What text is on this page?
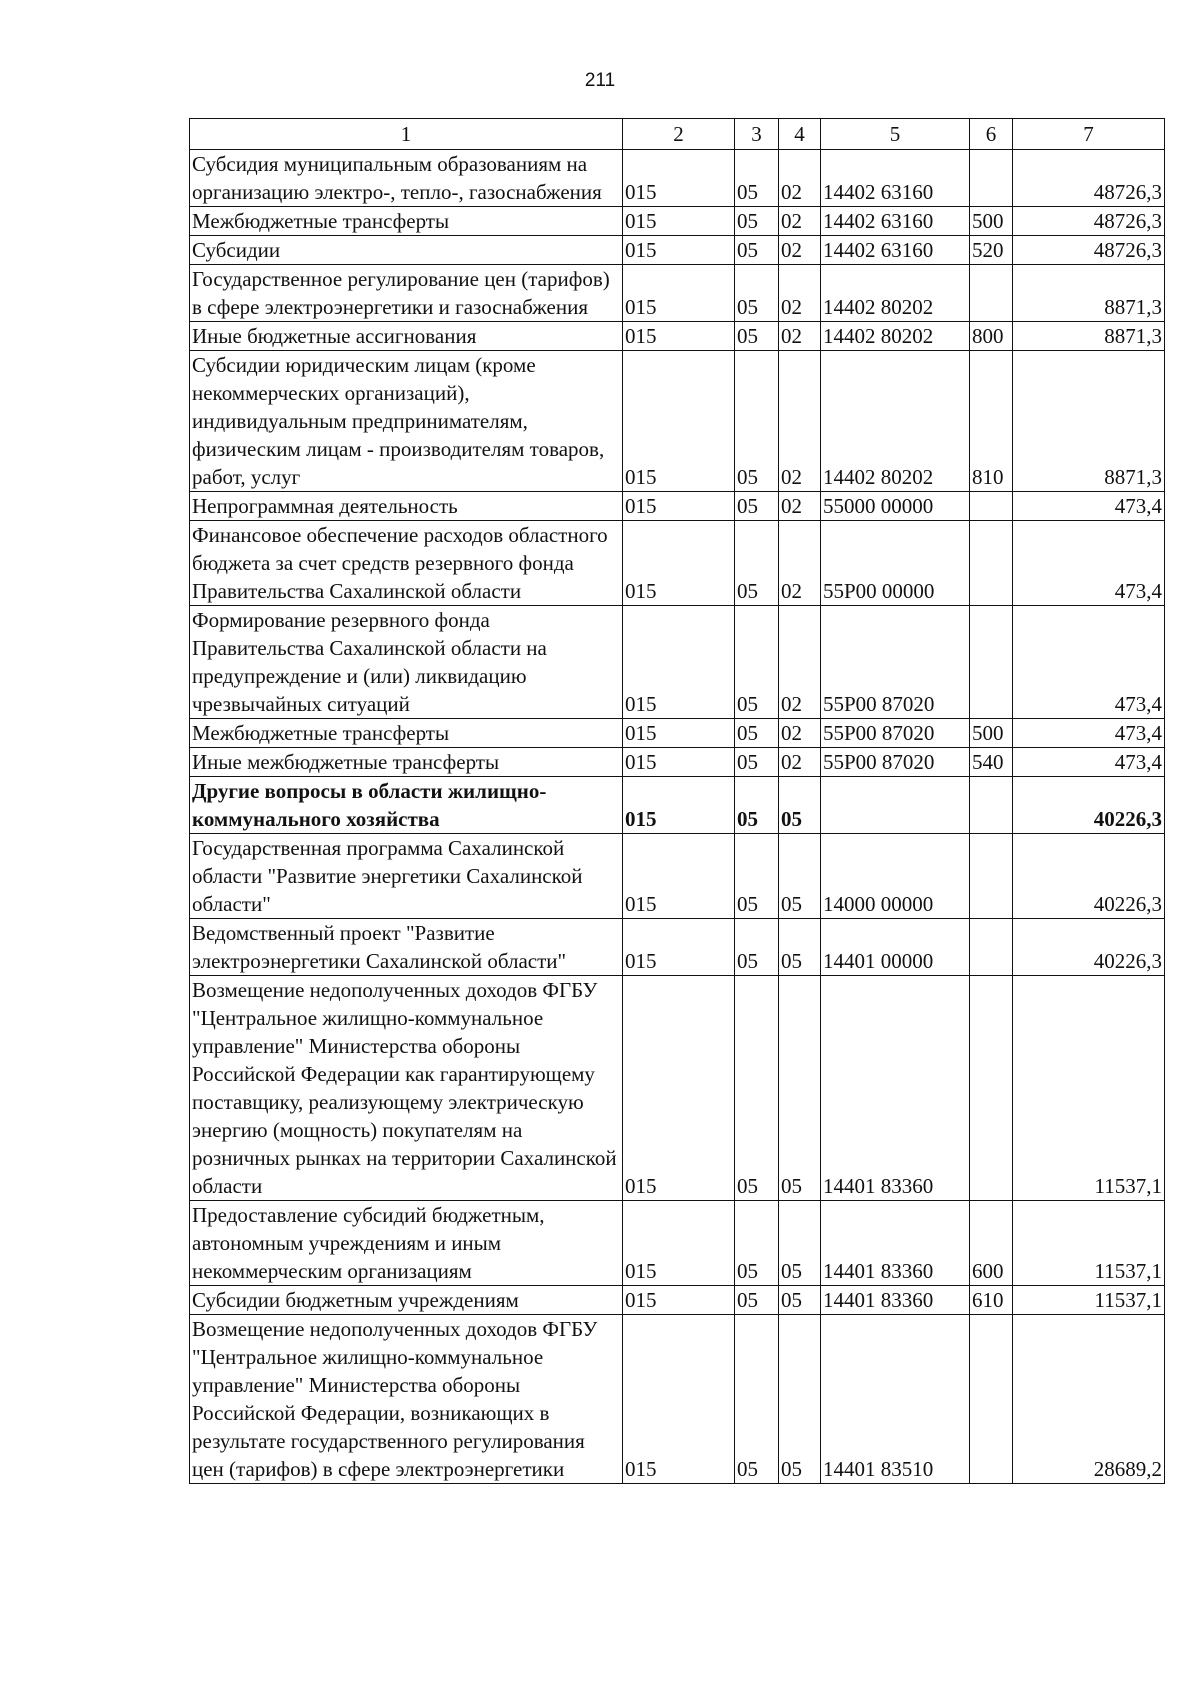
211
1	2	3	4	5	6	7
Субсидия муниципальным образованиям на организацию электро-, тепло-, газоснабжения	015	05	02	14402 63160		48726,3
Межбюджетные трансферты	015	05	02	14402 63160	500	48726,3
Субсидии	015	05	02	14402 63160	520	48726,3
Государственное регулирование цен (тарифов) в сфере электроэнергетики и газоснабжения	015	05	02	14402 80202		8871,3
Иные бюджетные ассигнования	015	05	02	14402 80202	800	8871,3
Субсидии юридическим лицам (кроме некоммерческих организаций), индивидуальным предпринимателям, физическим лицам - производителям товаров, работ, услуг	015	05	02	14402 80202	810	8871,3
Непрограммная деятельность	015	05	02	55000 00000		473,4
Финансовое обеспечение расходов областного бюджета за счет средств резервного фонда Правительства Сахалинской области	015	05	02	55Р00 00000		473,4
Формирование резервного фонда Правительства Сахалинской области на предупреждение и (или) ликвидацию чрезвычайных ситуаций	015	05	02	55Р00 87020		473,4
Межбюджетные трансферты	015	05	02	55Р00 87020	500	473,4
Иные межбюджетные трансферты	015	05	02	55Р00 87020	540	473,4
Другие вопросы в области жилищно-коммунального хозяйства	015	05	05			40226,3
Государственная программа Сахалинской области "Развитие энергетики Сахалинской области"	015	05	05	14000 00000		40226,3
Ведомственный проект "Развитие электроэнергетики Сахалинской области"	015	05	05	14401 00000		40226,3
Возмещение недополученных доходов ФГБУ "Центральное жилищно-коммунальное управление" Министерства обороны Российской Федерации как гарантирующему поставщику, реализующему электрическую энергию (мощность) покупателям на розничных рынках на территории Сахалинской области	015	05	05	14401 83360		11537,1
Предоставление субсидий бюджетным, автономным учреждениям и иным некоммерческим организациям	015	05	05	14401 83360	600	11537,1
Субсидии бюджетным учреждениям	015	05	05	14401 83360	610	11537,1
Возмещение недополученных доходов ФГБУ "Центральное жилищно-коммунальное управление" Министерства обороны Российской Федерации, возникающих в результате государственного регулирования цен (тарифов) в сфере электроэнергетики	015	05	05	14401 83510		28689,2
